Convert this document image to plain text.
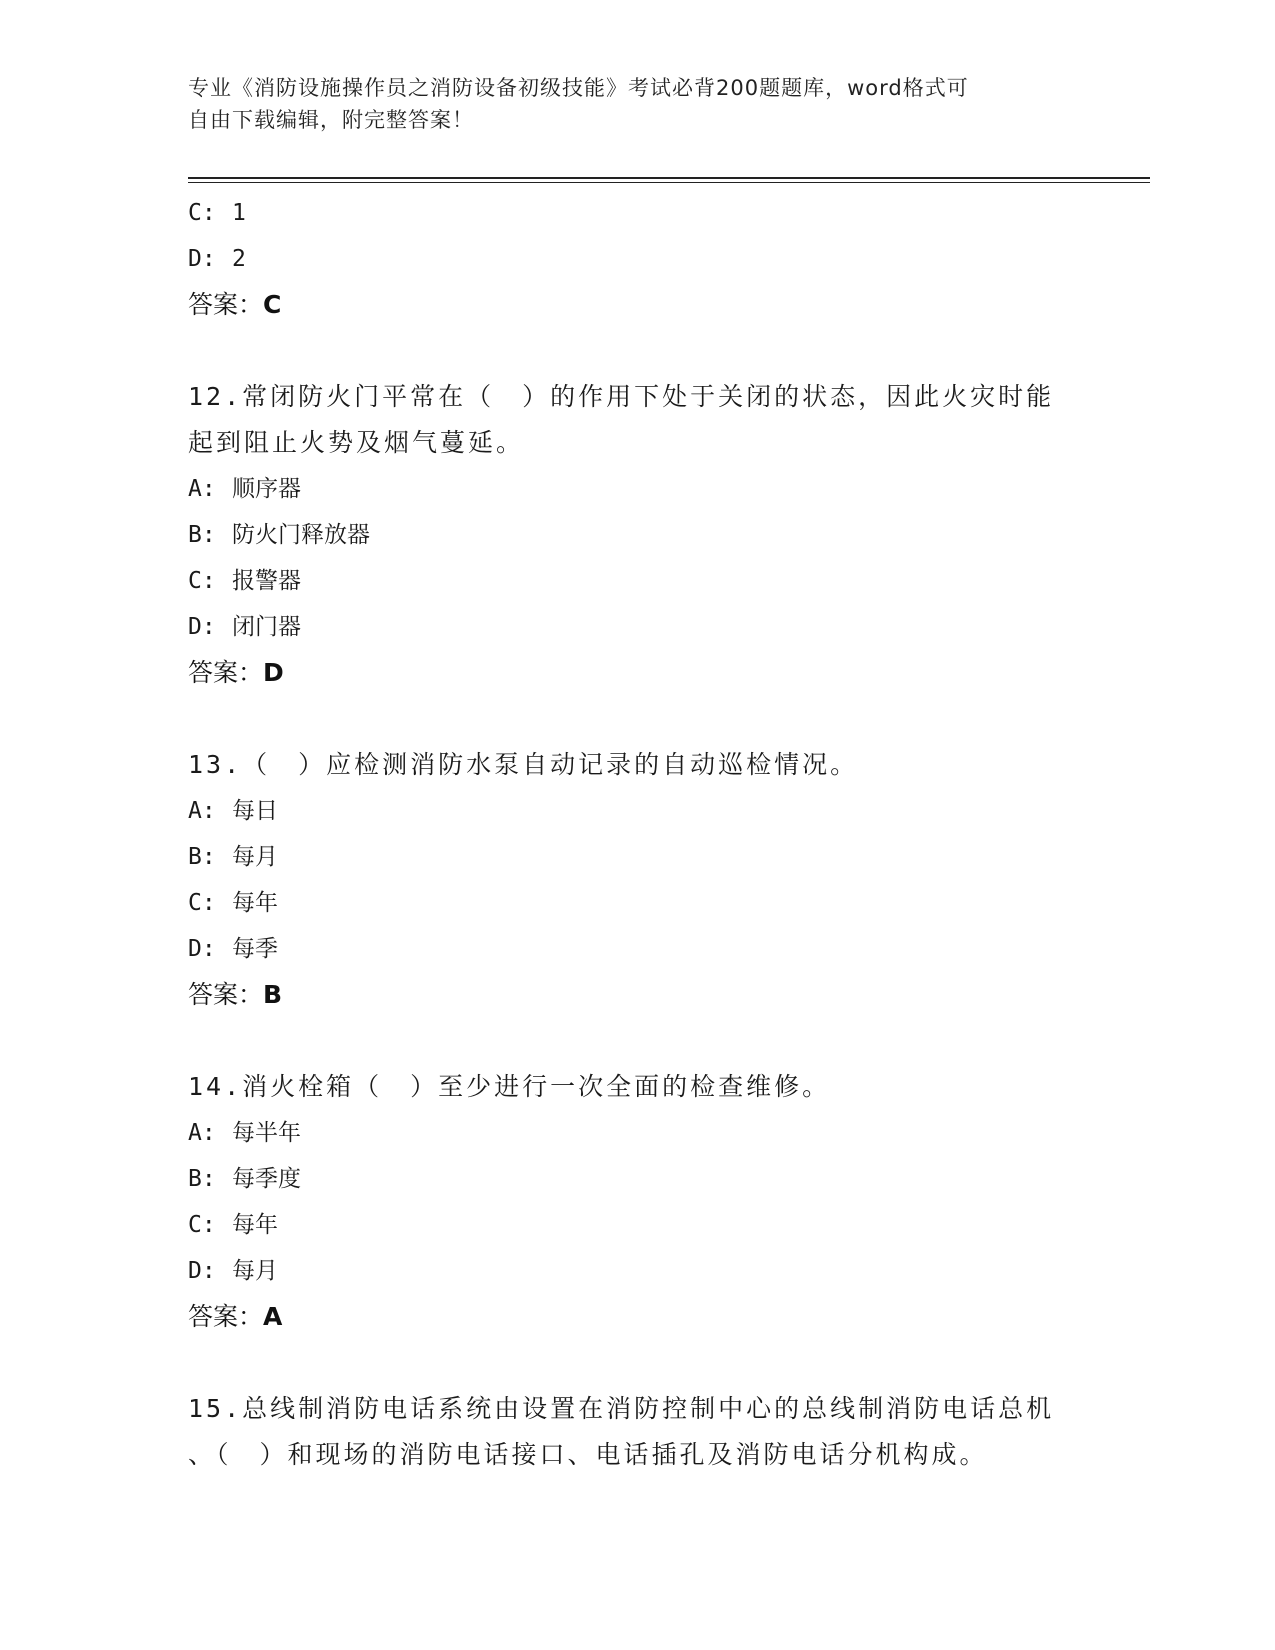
专业《消防设施操作员之消防设备初级技能》考试必背200题题库，word格式可
自由下载编辑，附完整答案！
C: 1
D: 2
答案：C
12.常闭防火门平常在（　）的作用下处于关闭的状态，因此火灾时能
起到阻止火势及烟气蔓延。
A: 顺序器
B: 防火门释放器
C: 报警器
D: 闭门器
答案：D
13.（　）应检测消防水泵自动记录的自动巡检情况。
A: 每日
B: 每月
C: 每年
D: 每季
答案：B
14.消火栓箱（　）至少进行一次全面的检查维修。
A: 每半年
B: 每季度
C: 每年
D: 每月
答案：A
15.总线制消防电话系统由设置在消防控制中心的总线制消防电话总机
、（　）和现场的消防电话接口、电话插孔及消防电话分机构成。
